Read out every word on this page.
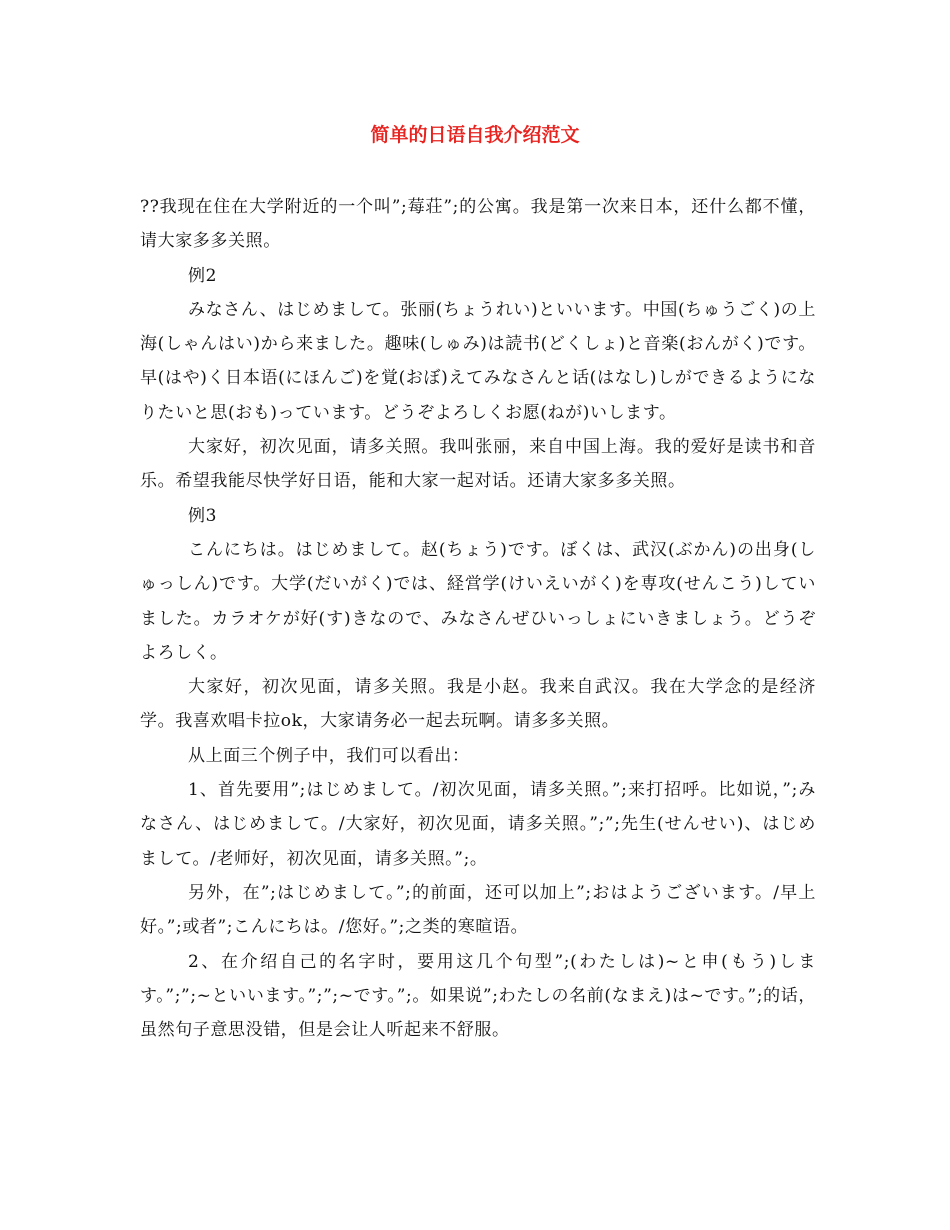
简单的日语自我介绍范文

??我现在住在大学附近的一个叫”;莓荘”;的公寓。我是第一次来日本，还什么都不懂，请大家多多关照。

例2

みなさん、はじめまして。张丽(ちょうれい)といいます。中国(ちゅうごく)の上海(しゃんはい)から来ました。趣味(しゅみ)は読书(どくしょ)と音楽(おんがく)です。早(はや)く日本语(にほんご)を覚(おぼ)えてみなさんと话(はなし)しができるようになりたいと思(おも)っています。どうぞよろしくお愿(ねが)いします。

大家好，初次见面，请多关照。我叫张丽，来自中国上海。我的爱好是读书和音乐。希望我能尽快学好日语，能和大家一起对话。还请大家多多关照。

例3

こんにちは。はじめまして。赵(ちょう)です。ぼくは、武汉(ぶかん)の出身(しゅっしん)です。大学(だいがく)では、経営学(けいえいがく)を専攻(せんこう)していました。カラオケが好(す)きなので、みなさんぜひいっしょにいきましょう。どうぞよろしく。

大家好，初次见面，请多关照。我是小赵。我来自武汉。我在大学念的是经济学。我喜欢唱卡拉ok，大家请务必一起去玩啊。请多多关照。

从上面三个例子中，我们可以看出：

1、首先要用”;はじめまして。/初次见面，请多关照。”;来打招呼。比如说，”;みなさん、はじめまして。/大家好，初次见面，请多关照。”;”;先生(せんせい)、はじめまして。/老师好，初次见面，请多关照。”;。

另外，在”;はじめまして。”;的前面，还可以加上”;おはようございます。/早上好。”;或者”;こんにちは。/您好。”;之类的寒暄语。

2、在介绍自己的名字时，要用这几个句型”;(わたしは)~と申(もう)します。”;”;~といいます。”;”;~です。”;。如果说”;わたしの名前(なまえ)は~です。”;的话，虽然句子意思没错，但是会让人听起来不舒服。
